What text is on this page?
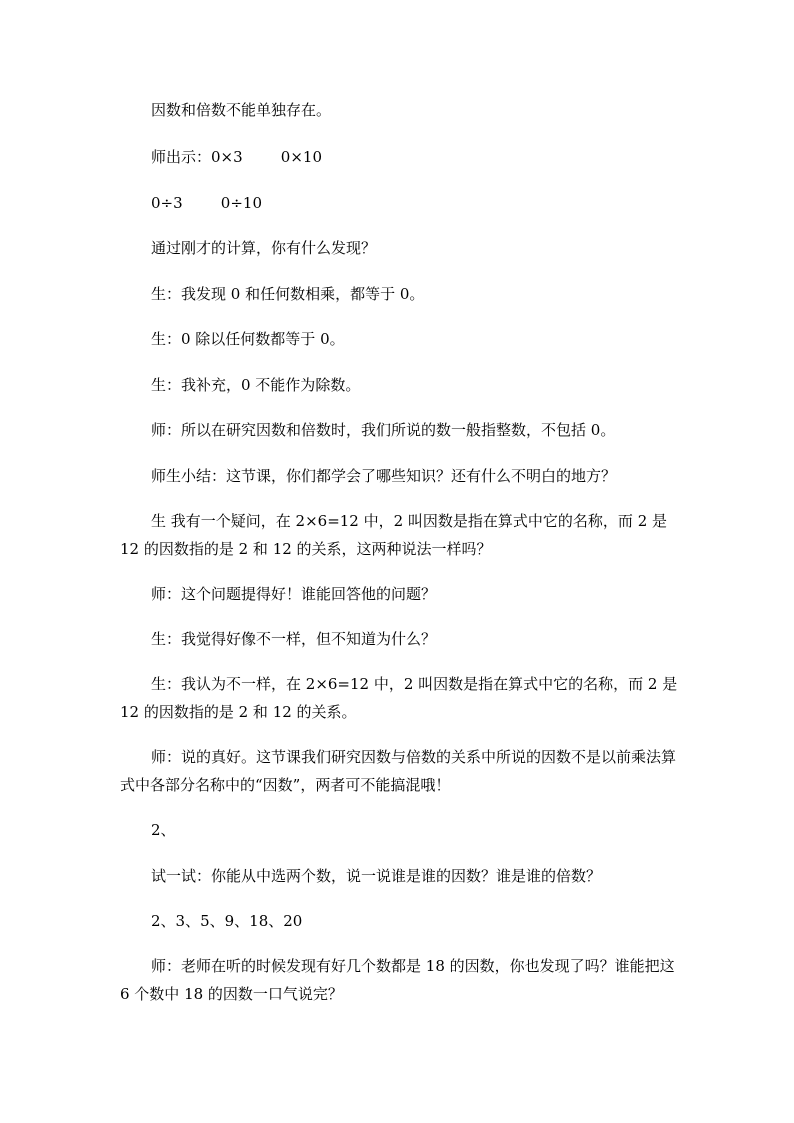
因数和倍数不能单独存在。

师出示：0×3        0×10

0÷3        0÷10

通过刚才的计算，你有什么发现？

生：我发现 0 和任何数相乘，都等于 0。

生：0 除以任何数都等于 0。

生：我补充，0 不能作为除数。

师：所以在研究因数和倍数时，我们所说的数一般指整数，不包括 0。

师生小结：这节课，你们都学会了哪些知识？还有什么不明白的地方？

生 我有一个疑问，在 2×6=12 中，2 叫因数是指在算式中它的名称，而 2 是 12 的因数指的是 2 和 12 的关系，这两种说法一样吗？

师：这个问题提得好！谁能回答他的问题？

生：我觉得好像不一样，但不知道为什么？

生：我认为不一样，在 2×6=12 中，2 叫因数是指在算式中它的名称，而 2 是 12 的因数指的是 2 和 12 的关系。

师：说的真好。这节课我们研究因数与倍数的关系中所说的因数不是以前乘法算式中各部分名称中的“因数”，两者可不能搞混哦！

2、

试一试：你能从中选两个数，说一说谁是谁的因数？谁是谁的倍数？

2、3、5、9、18、20

师：老师在听的时候发现有好几个数都是 18 的因数，你也发现了吗？谁能把这 6 个数中 18 的因数一口气说完？
